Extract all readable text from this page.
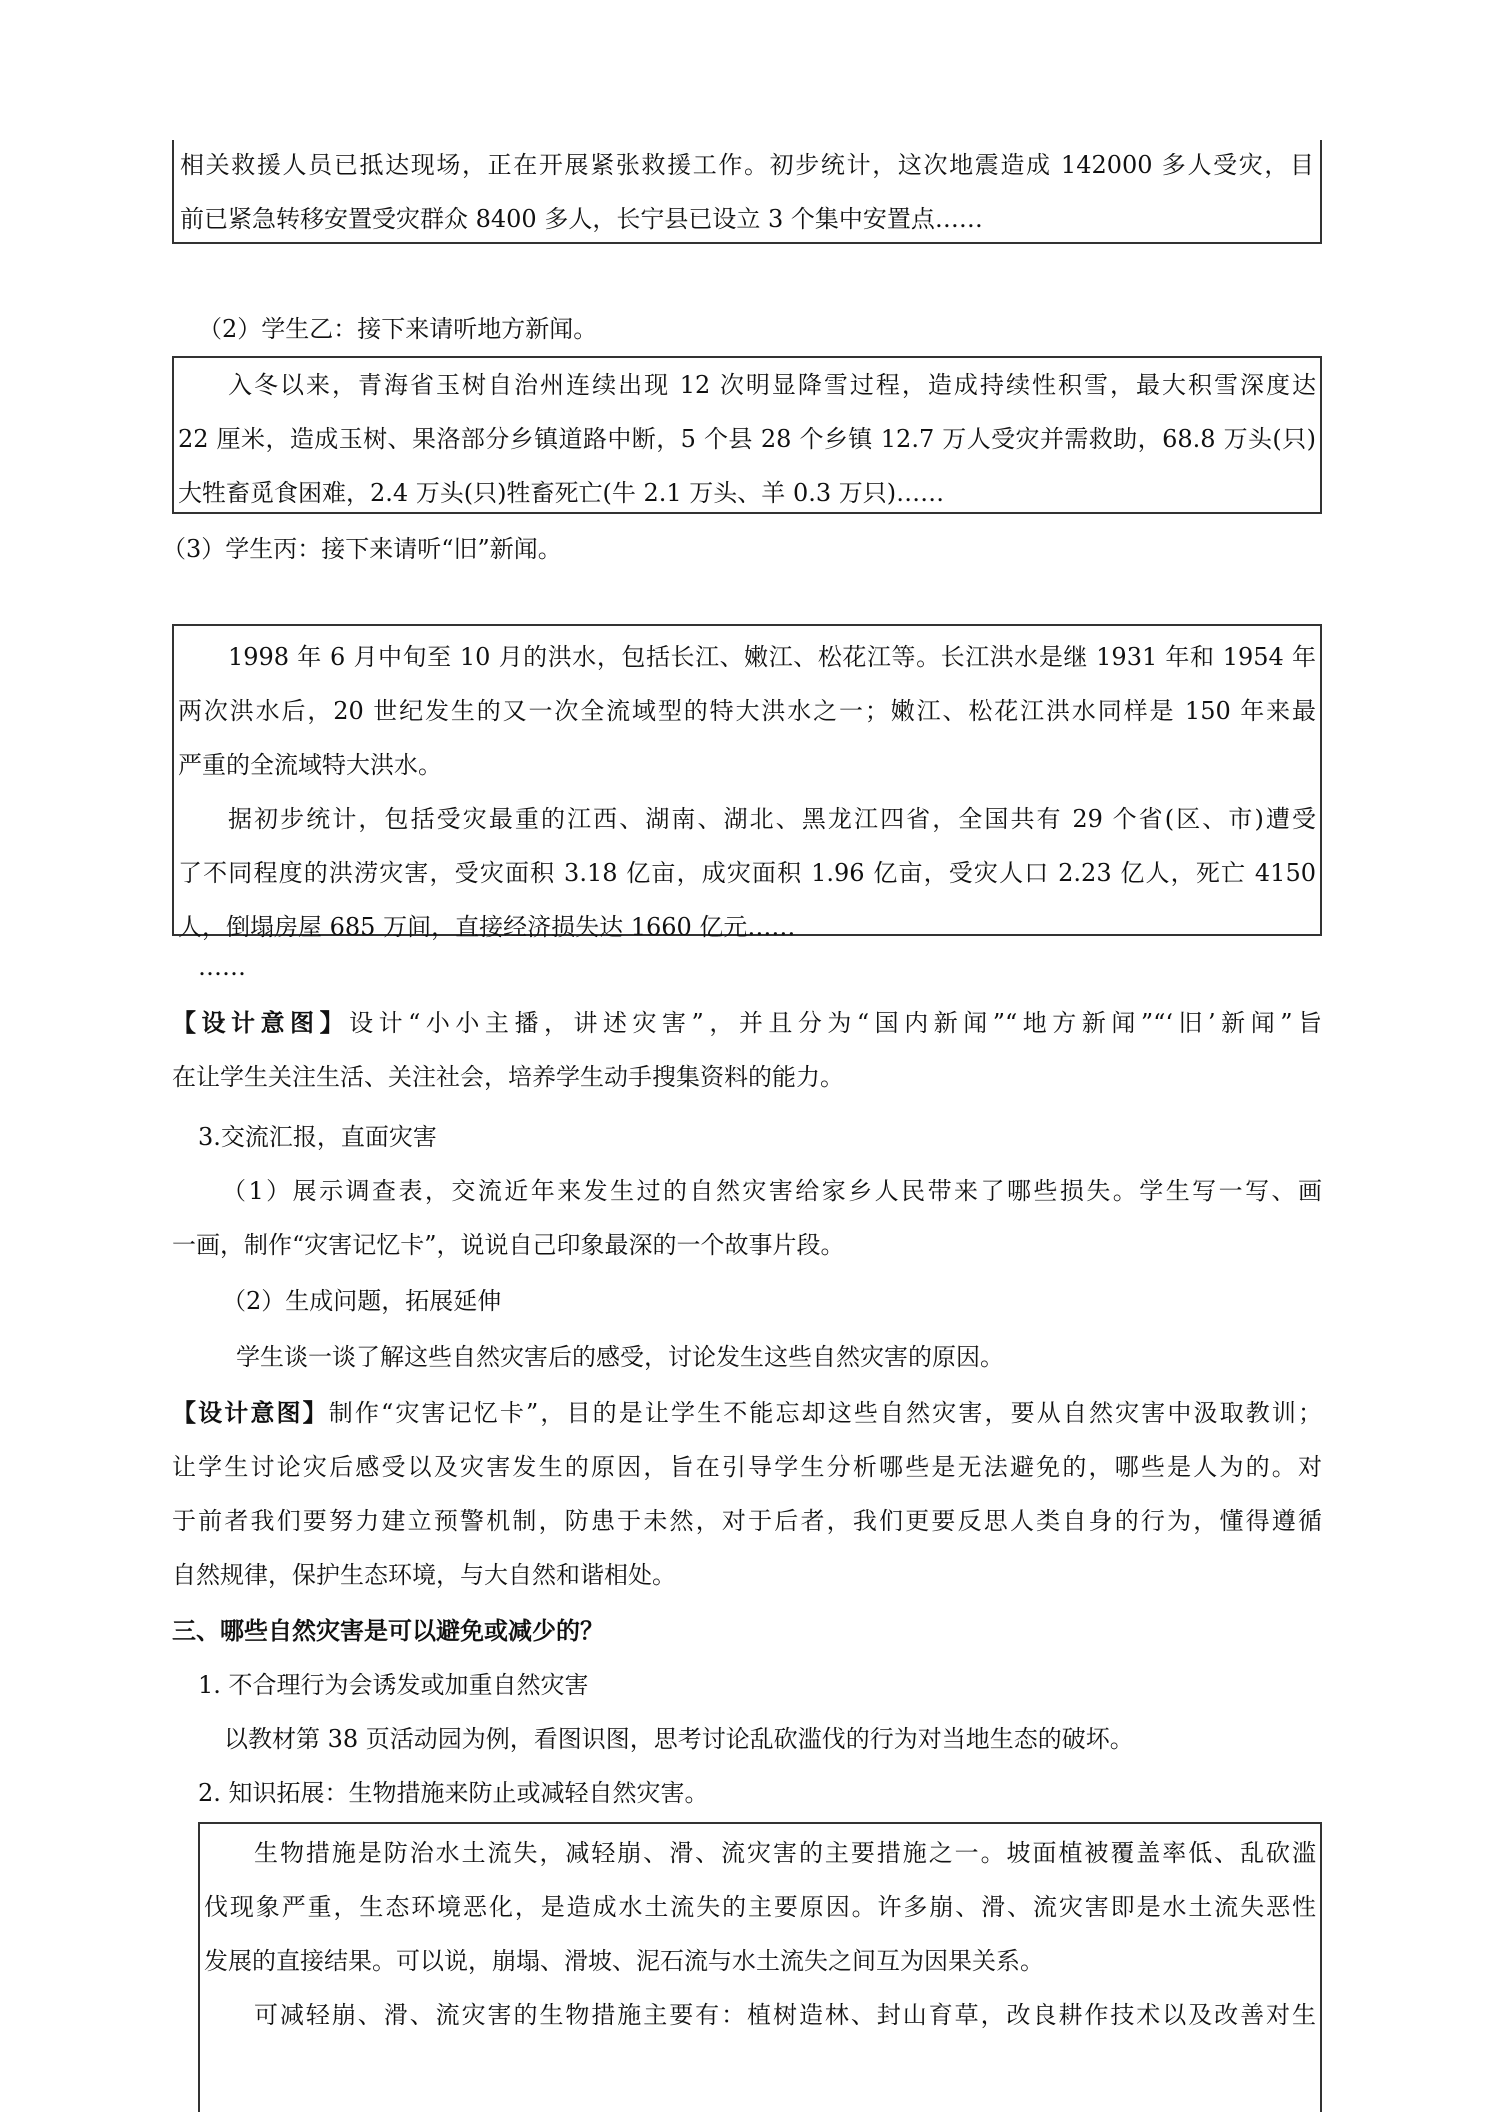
相关救援人员已抵达现场，正在开展紧张救援工作。初步统计，这次地震造成 142000 多人受灾，目

前已紧急转移安置受灾群众 8400 多人，长宁县已设立 3 个集中安置点……

（2）学生乙：接下来请听地方新闻。

入冬以来，青海省玉树自治州连续出现 12 次明显降雪过程，造成持续性积雪，最大积雪深度达

22 厘米，造成玉树、果洛部分乡镇道路中断，5 个县 28 个乡镇 12.7 万人受灾并需救助，68.8 万头(只)

大牲畜觅食困难，2.4 万头(只)牲畜死亡(牛 2.1 万头、羊 0.3 万只)……

（3）学生丙：接下来请听“旧”新闻。

1998 年 6 月中旬至 10 月的洪水，包括长江、嫩江、松花江等。长江洪水是继 1931 年和 1954 年

两次洪水后，20 世纪发生的又一次全流域型的特大洪水之一；嫩江、松花江洪水同样是 150 年来最

严重的全流域特大洪水。

据初步统计，包括受灾最重的江西、湖南、湖北、黑龙江四省，全国共有 29 个省(区、市)遭受

了不同程度的洪涝灾害，受灾面积 3.18 亿亩，成灾面积 1.96 亿亩，受灾人口 2.23 亿人，死亡 4150

人，倒塌房屋 685 万间，直接经济损失达 1660 亿元……

……
【设计意图】设计“小小主播，讲述灾害”，并且分为“国内新闻”“地方新闻”“‘旧’新闻”旨
在让学生关注生活、关注社会，培养学生动手搜集资料的能力。
3.交流汇报，直面灾害
（1）展示调查表，交流近年来发生过的自然灾害给家乡人民带来了哪些损失。学生写一写、画
一画，制作“灾害记忆卡”，说说自己印象最深的一个故事片段。
（2）生成问题，拓展延伸
学生谈一谈了解这些自然灾害后的感受，讨论发生这些自然灾害的原因。
【设计意图】制作“灾害记忆卡”，目的是让学生不能忘却这些自然灾害，要从自然灾害中汲取教训；
让学生讨论灾后感受以及灾害发生的原因，旨在引导学生分析哪些是无法避免的，哪些是人为的。对
于前者我们要努力建立预警机制，防患于未然，对于后者，我们更要反思人类自身的行为，懂得遵循
自然规律，保护生态环境，与大自然和谐相处。
三、哪些自然灾害是可以避免或减少的？
1. 不合理行为会诱发或加重自然灾害
以教材第 38 页活动园为例，看图识图，思考讨论乱砍滥伐的行为对当地生态的破坏。
2. 知识拓展：生物措施来防止或减轻自然灾害。

生物措施是防治水土流失，减轻崩、滑、流灾害的主要措施之一。坡面植被覆盖率低、乱砍滥

伐现象严重，生态环境恶化，是造成水土流失的主要原因。许多崩、滑、流灾害即是水土流失恶性

发展的直接结果。可以说，崩塌、滑坡、泥石流与水土流失之间互为因果关系。

可减轻崩、滑、流灾害的生物措施主要有：植树造林、封山育草，改良耕作技术以及改善对生
